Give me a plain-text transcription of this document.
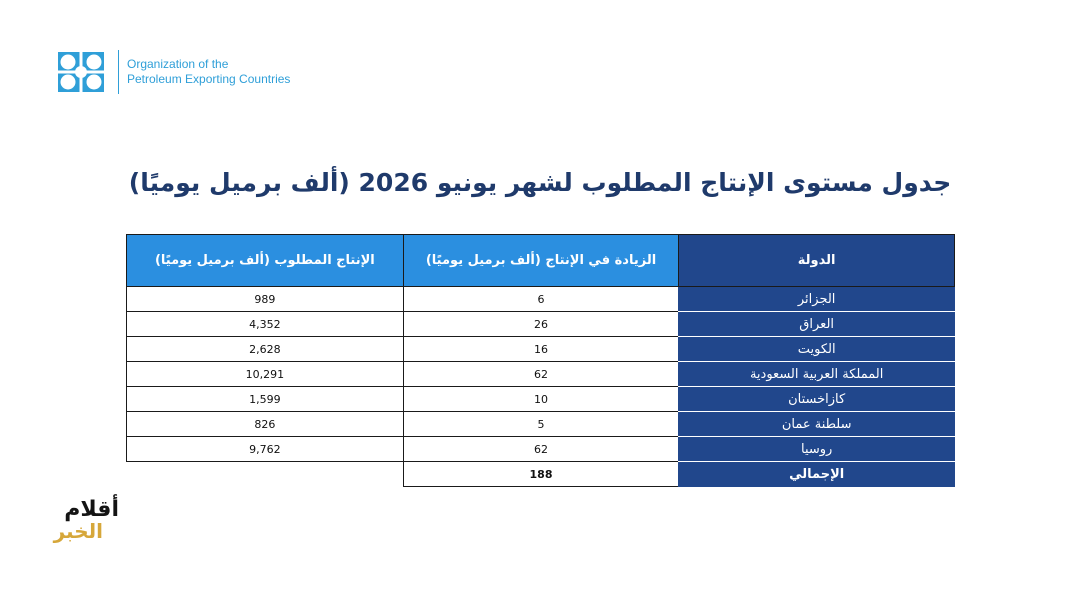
Organization of the
Petroleum Exporting Countries
جدول مستوى الإنتاج المطلوب لشهر يونيو 2026 (ألف برميل يوميًا)
الدولة	الزيادة في الإنتاج (ألف برميل يوميًا)	الإنتاج المطلوب (ألف برميل يوميًا)
الجزائر	6	989
العراق	26	4,352
الكويت	16	2,628
المملكة العربية السعودية	62	10,291
كازاخستان	10	1,599
سلطنة عمان	5	826
روسيا	62	9,762
الإجمالي	188	
أقلام
الخبر
